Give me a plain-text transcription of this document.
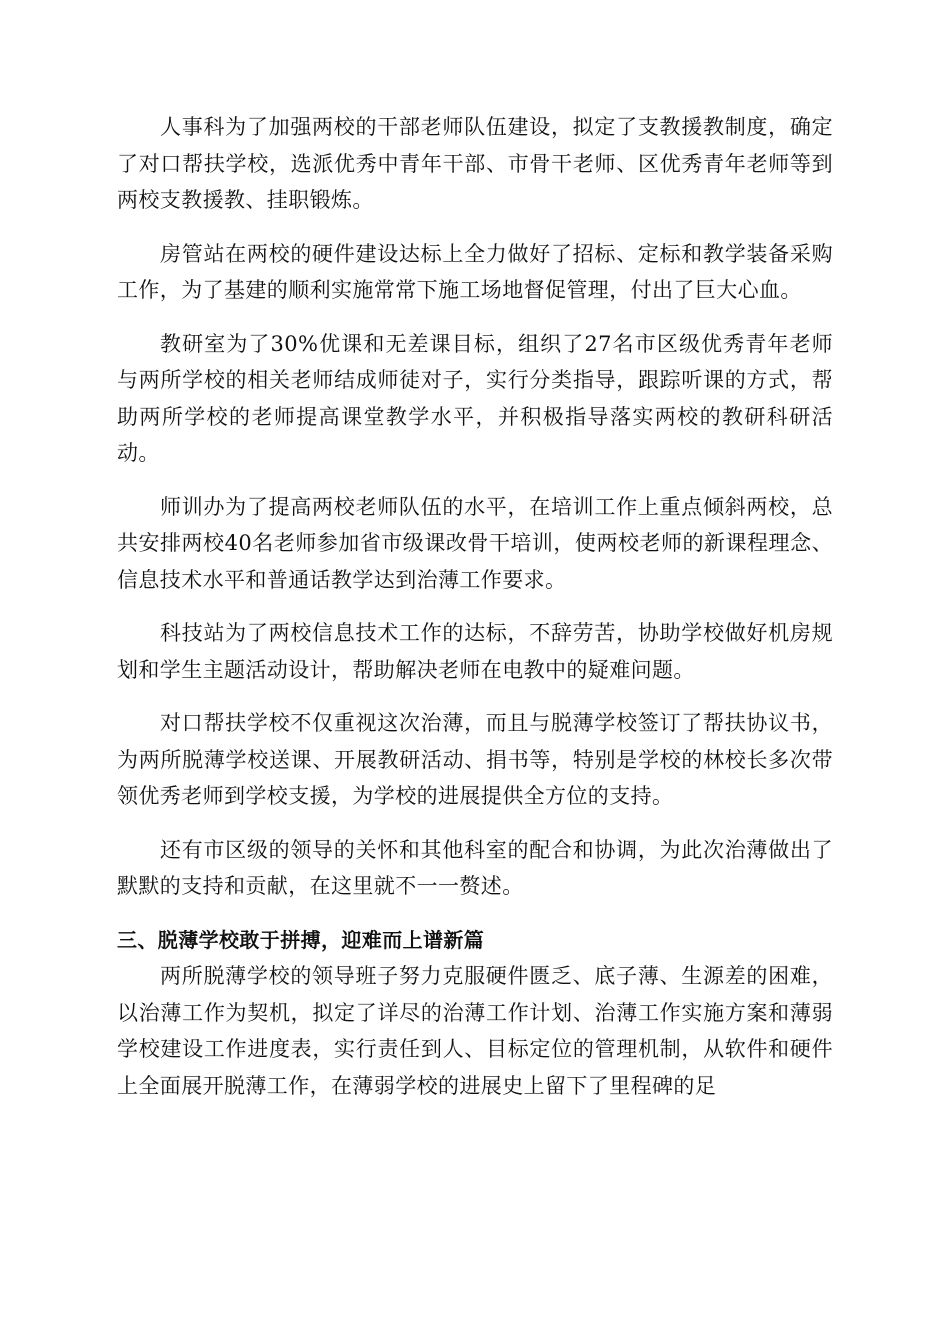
人事科为了加强两校的干部老师队伍建设，拟定了支教援教制度，确定了对口帮扶学校，选派优秀中青年干部、市骨干老师、区优秀青年老师等到两校支教援教、挂职锻炼。

房管站在两校的硬件建设达标上全力做好了招标、定标和教学装备采购工作，为了基建的顺利实施常常下施工场地督促管理，付出了巨大心血。

教研室为了30%优课和无差课目标，组织了27名市区级优秀青年老师与两所学校的相关老师结成师徒对子，实行分类指导，跟踪听课的方式，帮助两所学校的老师提高课堂教学水平，并积极指导落实两校的教研科研活动。

师训办为了提高两校老师队伍的水平，在培训工作上重点倾斜两校，总共安排两校40名老师参加省市级课改骨干培训，使两校老师的新课程理念、信息技术水平和普通话教学达到治薄工作要求。

科技站为了两校信息技术工作的达标，不辞劳苦，协助学校做好机房规划和学生主题活动设计，帮助解决老师在电教中的疑难问题。

对口帮扶学校不仅重视这次治薄，而且与脱薄学校签订了帮扶协议书，为两所脱薄学校送课、开展教研活动、捐书等，特别是学校的林校长多次带领优秀老师到学校支援，为学校的进展提供全方位的支持。

还有市区级的领导的关怀和其他科室的配合和协调，为此次治薄做出了默默的支持和贡献，在这里就不一一赘述。

三、脱薄学校敢于拼搏，迎难而上谱新篇

两所脱薄学校的领导班子努力克服硬件匮乏、底子薄、生源差的困难，以治薄工作为契机，拟定了详尽的治薄工作计划、治薄工作实施方案和薄弱学校建设工作进度表，实行责任到人、目标定位的管理机制，从软件和硬件上全面展开脱薄工作，在薄弱学校的进展史上留下了里程碑的足
